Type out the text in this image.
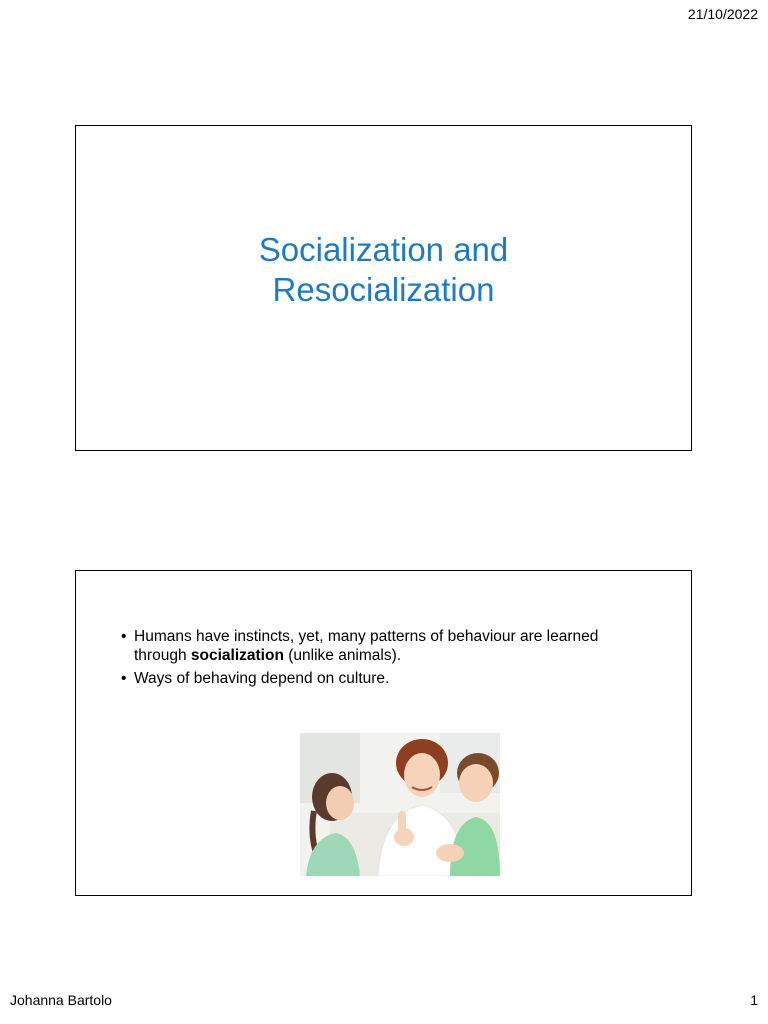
21/10/2022
Socialization and
Resocialization
• Humans have instincts, yet, many patterns of behaviour are learned through socialization (unlike animals).
• Ways of behaving depend on culture.
Johanna Bartolo	1
